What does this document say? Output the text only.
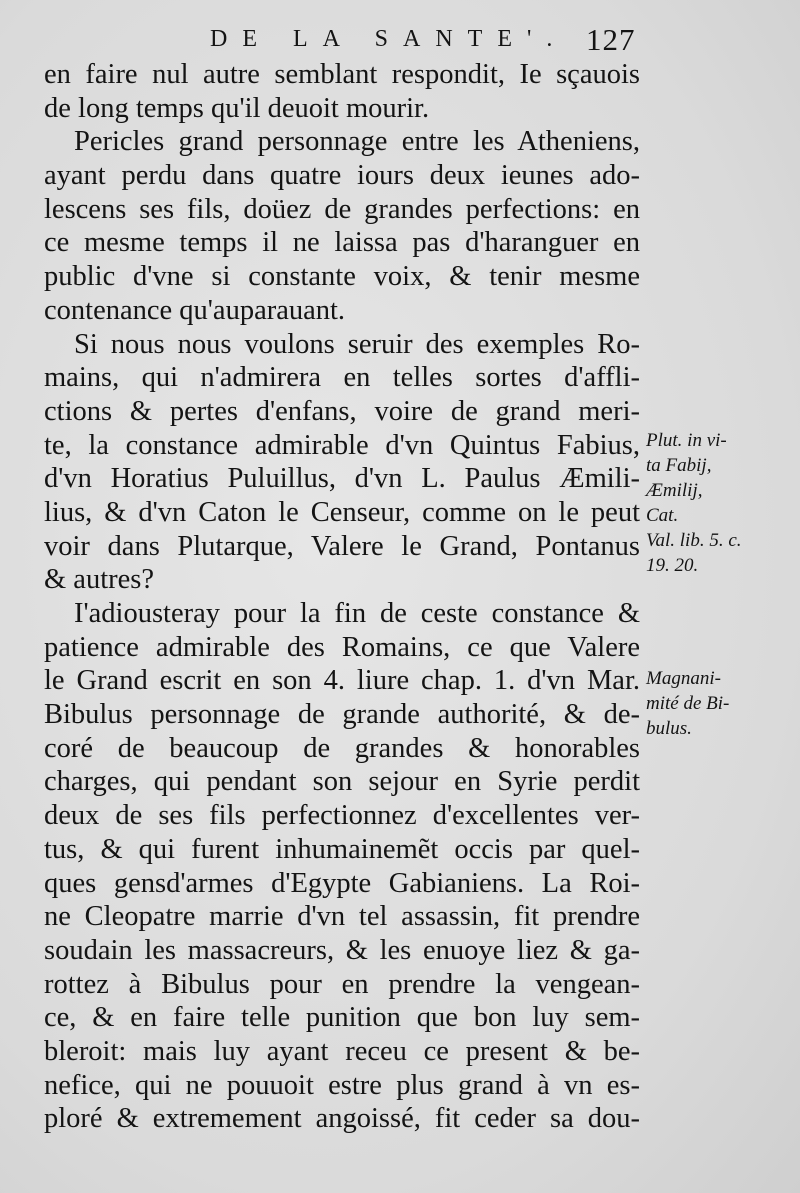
DE LA SANTE'. 127
en faire nul autre semblant respondit, Ie sçauois
de long temps qu'il deuoit mourir.
Pericles grand personnage entre les Atheniens,
ayant perdu dans quatre iours deux ieunes ado-
lescens ses fils, doüez de grandes perfections: en
ce mesme temps il ne laissa pas d'haranguer en
public d'vne si constante voix, & tenir mesme
contenance qu'auparauant.
Si nous nous voulons seruir des exemples Ro-
mains, qui n'admirera en telles sortes d'affli-
ctions & pertes d'enfans, voire de grand meri-
te, la constance admirable d'vn Quintus Fabius,
d'vn Horatius Puluillus, d'vn L. Paulus Æmili-
lius, & d'vn Caton le Censeur, comme on le peut
voir dans Plutarque, Valere le Grand, Pontanus
& autres?
I'adiousteray pour la fin de ceste constance &
patience admirable des Romains, ce que Valere
le Grand escrit en son 4. liure chap. 1. d'vn Mar.
Bibulus personnage de grande authorité, & de-
coré de beaucoup de grandes & honorables
charges, qui pendant son sejour en Syrie perdit
deux de ses fils perfectionnez d'excellentes ver-
tus, & qui furent inhumainemẽt occis par quel-
ques gensd'armes d'Egypte Gabianiens. La Roi-
ne Cleopatre marrie d'vn tel assassin, fit prendre
soudain les massacreurs, & les enuoye liez & ga-
rottez à Bibulus pour en prendre la vengean-
ce, & en faire telle punition que bon luy sem-
bleroit: mais luy ayant receu ce present & be-
nefice, qui ne pouuoit estre plus grand à vn es-
ploré & extremement angoissé, fit ceder sa dou-
Plut. in vi-
ta Fabij,
Æmilij,
Cat.
Val. lib. 5. c.
19. 20.
Magnani-
mité de Bi-
bulus.
